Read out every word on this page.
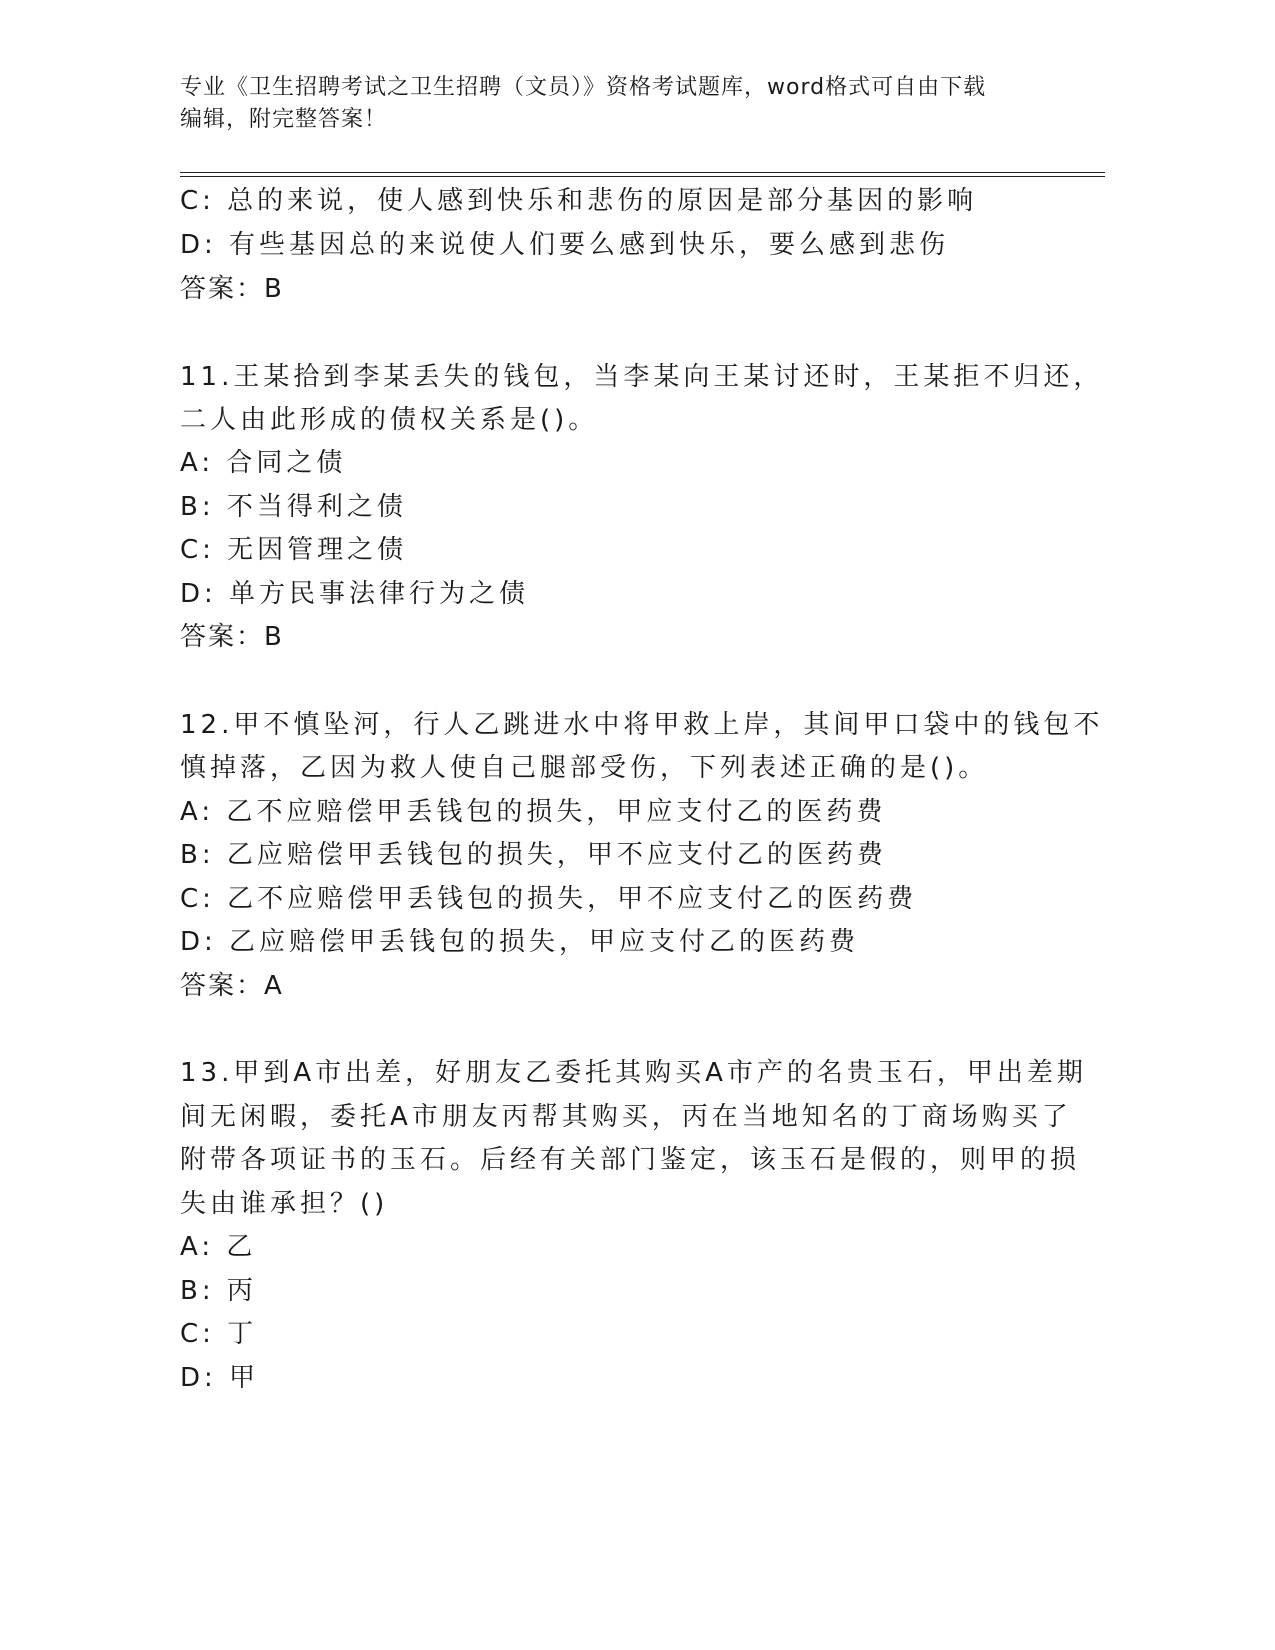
专业《卫生招聘考试之卫生招聘（文员）》资格考试题库，word格式可自由下载
编辑，附完整答案！
C: 总的来说，使人感到快乐和悲伤的原因是部分基因的影响
D: 有些基因总的来说使人们要么感到快乐，要么感到悲伤
答案：B
11.王某拾到李某丢失的钱包，当李某向王某讨还时，王某拒不归还，
二人由此形成的债权关系是()。
A: 合同之债
B: 不当得利之债
C: 无因管理之债
D: 单方民事法律行为之债
答案：B
12.甲不慎坠河，行人乙跳进水中将甲救上岸，其间甲口袋中的钱包不
慎掉落，乙因为救人使自己腿部受伤，下列表述正确的是()。
A: 乙不应赔偿甲丢钱包的损失，甲应支付乙的医药费
B: 乙应赔偿甲丢钱包的损失，甲不应支付乙的医药费
C: 乙不应赔偿甲丢钱包的损失，甲不应支付乙的医药费
D: 乙应赔偿甲丢钱包的损失，甲应支付乙的医药费
答案：A
13.甲到A市出差，好朋友乙委托其购买A市产的名贵玉石，甲出差期
间无闲暇，委托A市朋友丙帮其购买，丙在当地知名的丁商场购买了
附带各项证书的玉石。后经有关部门鉴定，该玉石是假的，则甲的损
失由谁承担？()
A: 乙
B: 丙
C: 丁
D: 甲
